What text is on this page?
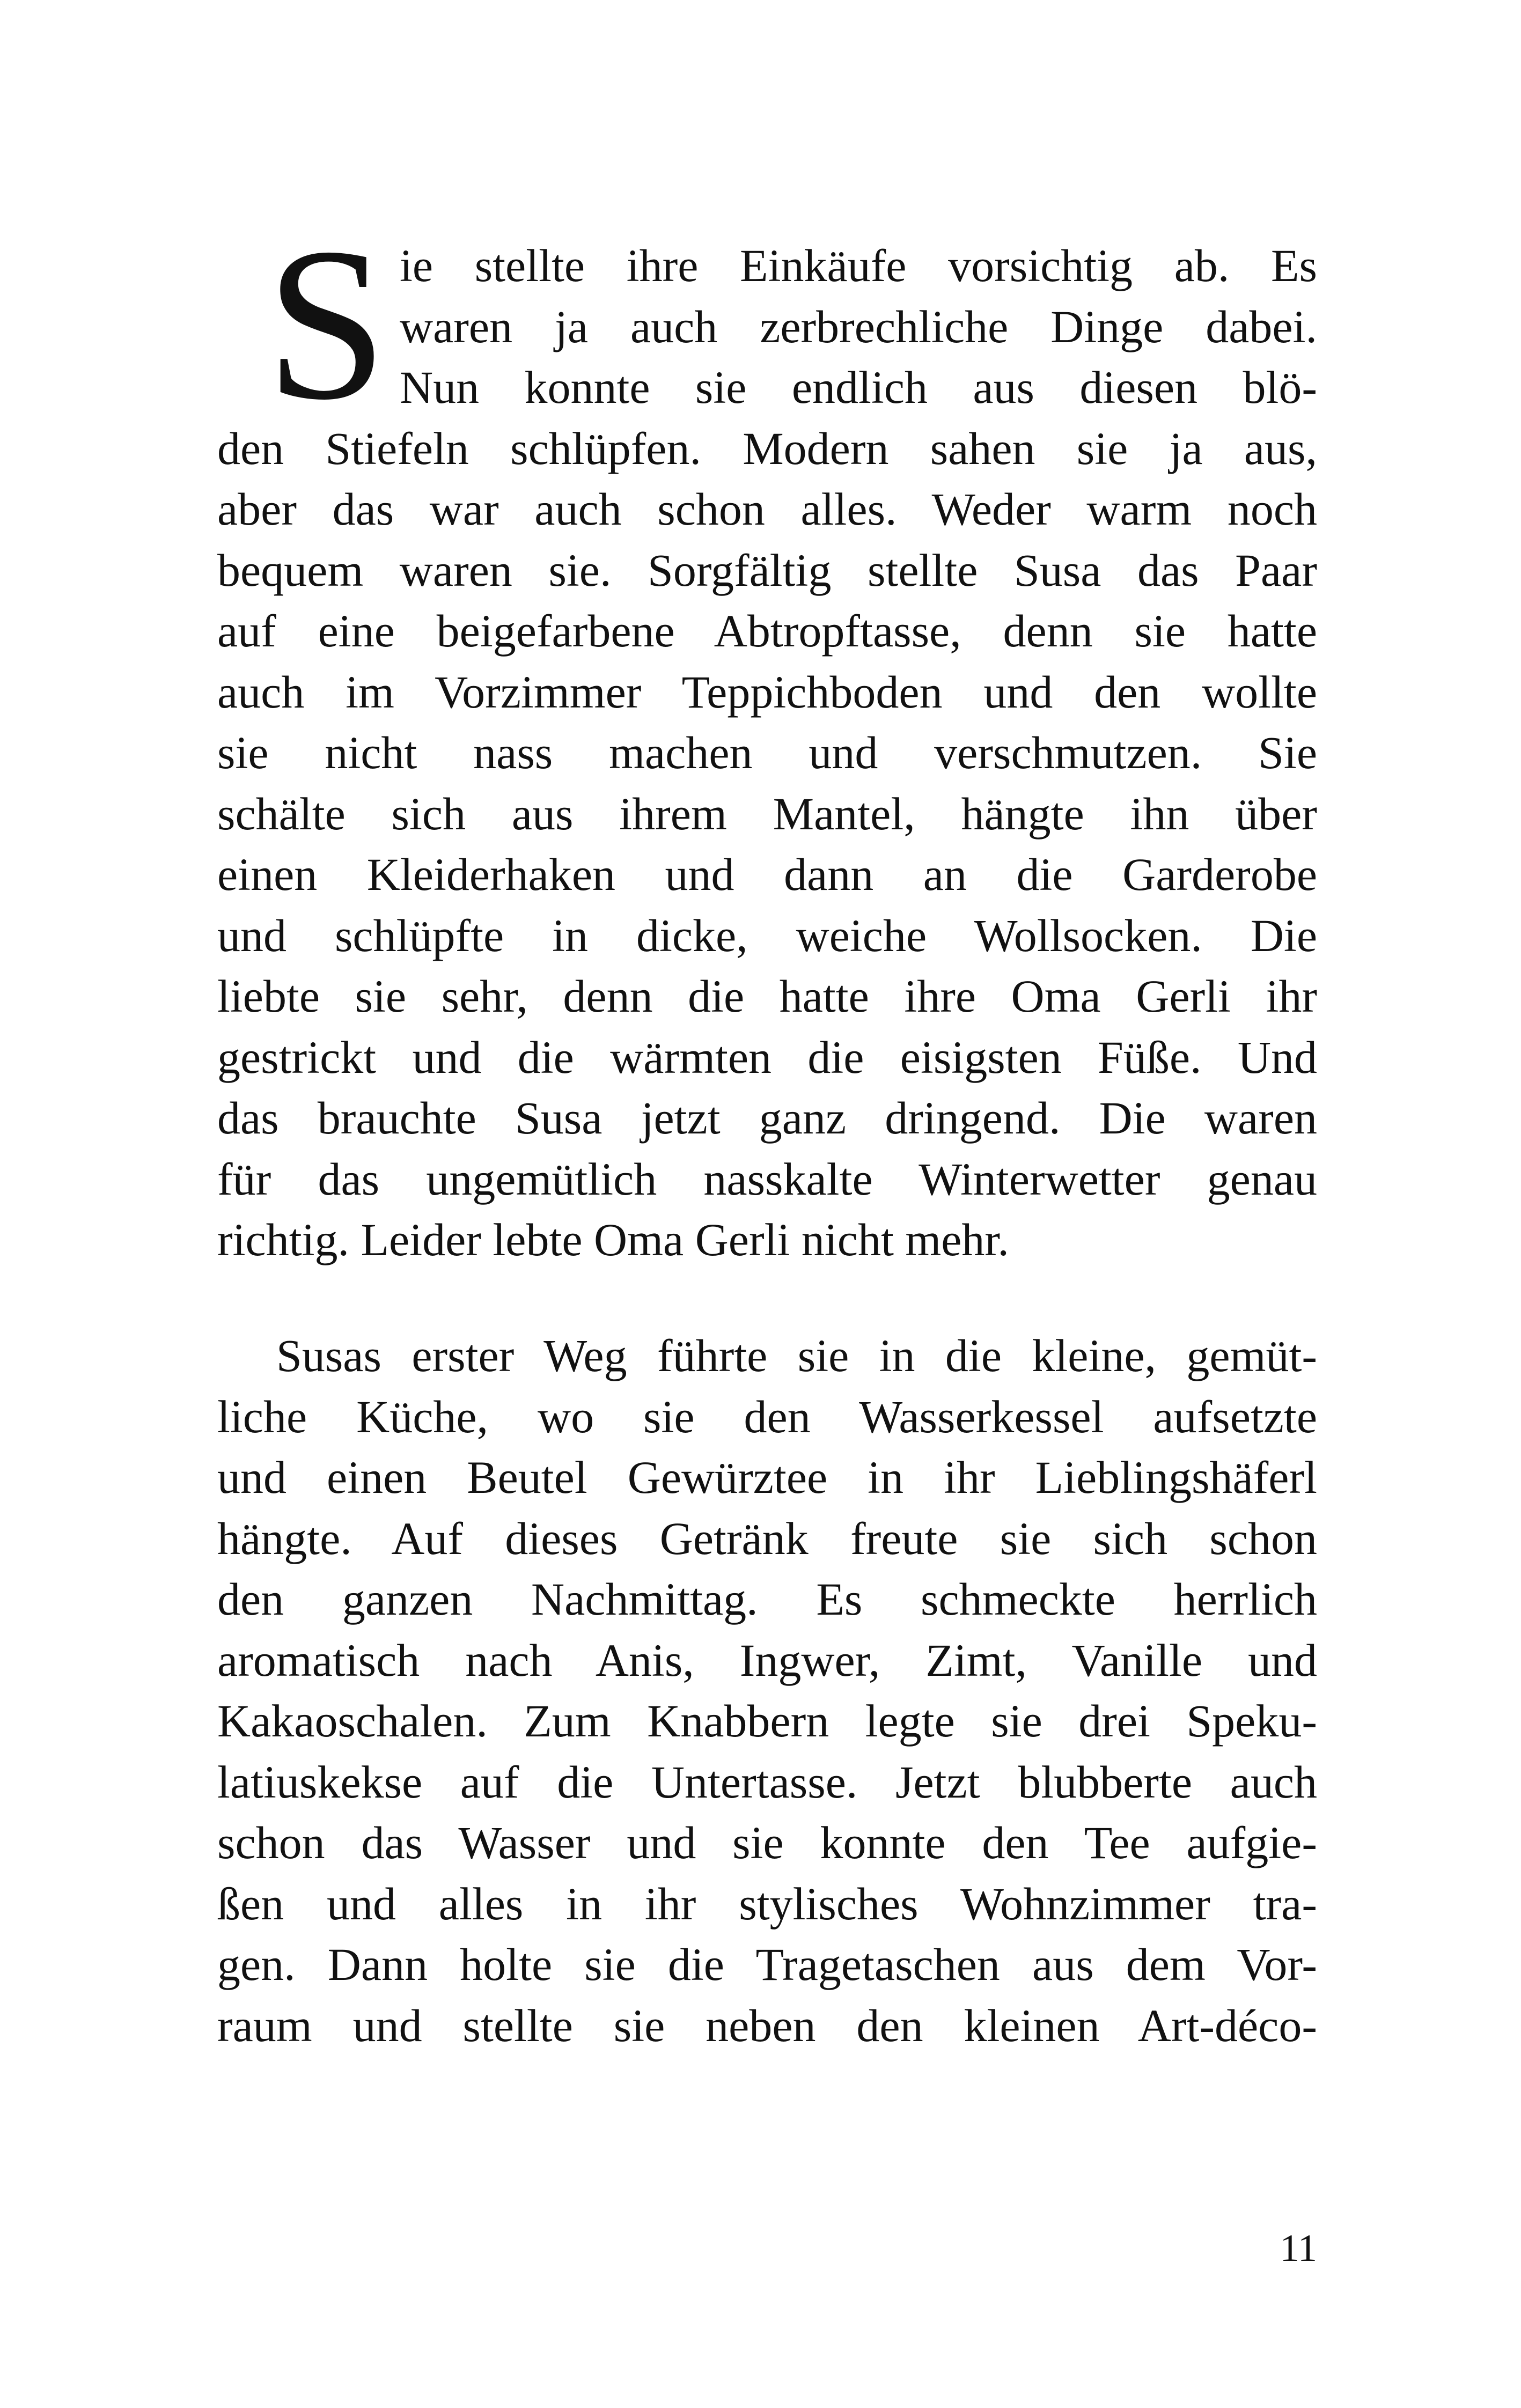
S ie stellte ihre Einkäufe vorsichtig ab. Es
waren ja auch zerbrechliche Dinge dabei.
Nun konnte sie endlich aus diesen blö-
den Stiefeln schlüpfen. Modern sahen sie ja aus,
aber das war auch schon alles. Weder warm noch
bequem waren sie. Sorgfältig stellte Susa das Paar
auf eine beigefarbene Abtropftasse, denn sie hatte
auch im Vorzimmer Teppichboden und den wollte
sie nicht nass machen und verschmutzen. Sie
schälte sich aus ihrem Mantel, hängte ihn über
einen Kleiderhaken und dann an die Garderobe
und schlüpfte in dicke, weiche Wollsocken. Die
liebte sie sehr, denn die hatte ihre Oma Gerli ihr
gestrickt und die wärmten die eisigsten Füße. Und
das brauchte Susa jetzt ganz dringend. Die waren
für das ungemütlich nasskalte Winterwetter genau
richtig. Leider lebte Oma Gerli nicht mehr.
Susas erster Weg führte sie in die kleine, gemüt-
liche Küche, wo sie den Wasserkessel aufsetzte
und einen Beutel Gewürztee in ihr Lieblingshäferl
hängte. Auf dieses Getränk freute sie sich schon
den ganzen Nachmittag. Es schmeckte herrlich
aromatisch nach Anis, Ingwer, Zimt, Vanille und
Kakaoschalen. Zum Knabbern legte sie drei Speku-
latiuskekse auf die Untertasse. Jetzt blubberte auch
schon das Wasser und sie konnte den Tee aufgie-
ßen und alles in ihr stylisches Wohnzimmer tra-
gen. Dann holte sie die Tragetaschen aus dem Vor-
raum und stellte sie neben den kleinen Art-déco-
11
